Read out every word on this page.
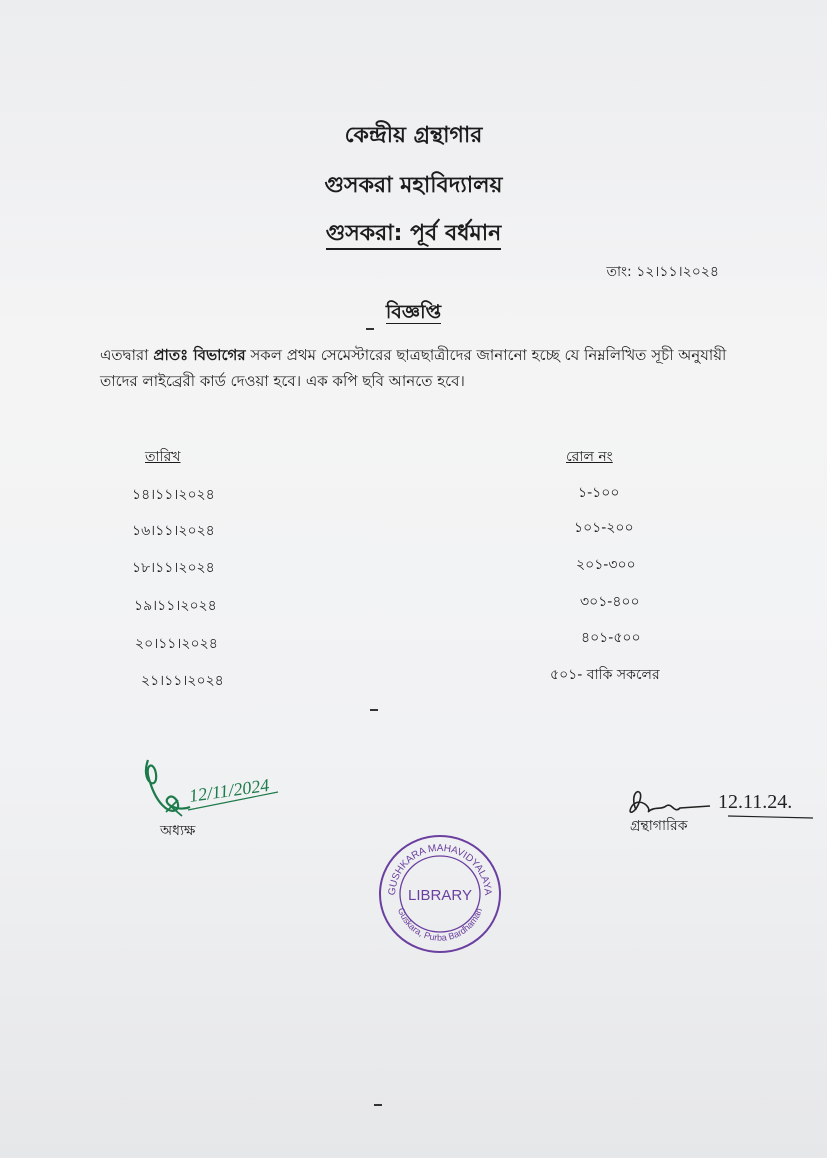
কেন্দ্রীয় গ্রন্থাগার
গুসকরা মহাবিদ্যালয়
গুসকরা: পূর্ব বর্ধমান
তাং: ১২।১১।২০২৪
বিজ্ঞপ্তি
এতদ্বারা প্রাতঃ বিভাগের সকল প্রথম সেমেস্টারের ছাত্রছাত্রীদের জানানো হচ্ছে যে নিম্নলিখিত সূচী অনুযায়ী তাদের লাইব্রেরী কার্ড দেওয়া হবে। এক কপি ছবি আনতে হবে।
তারিখ	রোল নং
১৪।১১।২০২৪	১-১০০
১৬।১১।২০২৪	১০১-২০০
১৮।১১।২০২৪	২০১-৩০০
১৯।১১।২০২৪	৩০১-৪০০
২০।১১।২০২৪	৪০১-৫০০
২১।১১।২০২৪	৫০১- বাকি সকলের
12/11/2024
অধ্যক্ষ
12.11.24.
গ্রন্থাগারিক
GUSHKARA MAHAVIDYALAYA
Guskara, Purba Bardhaman
LIBRARY
